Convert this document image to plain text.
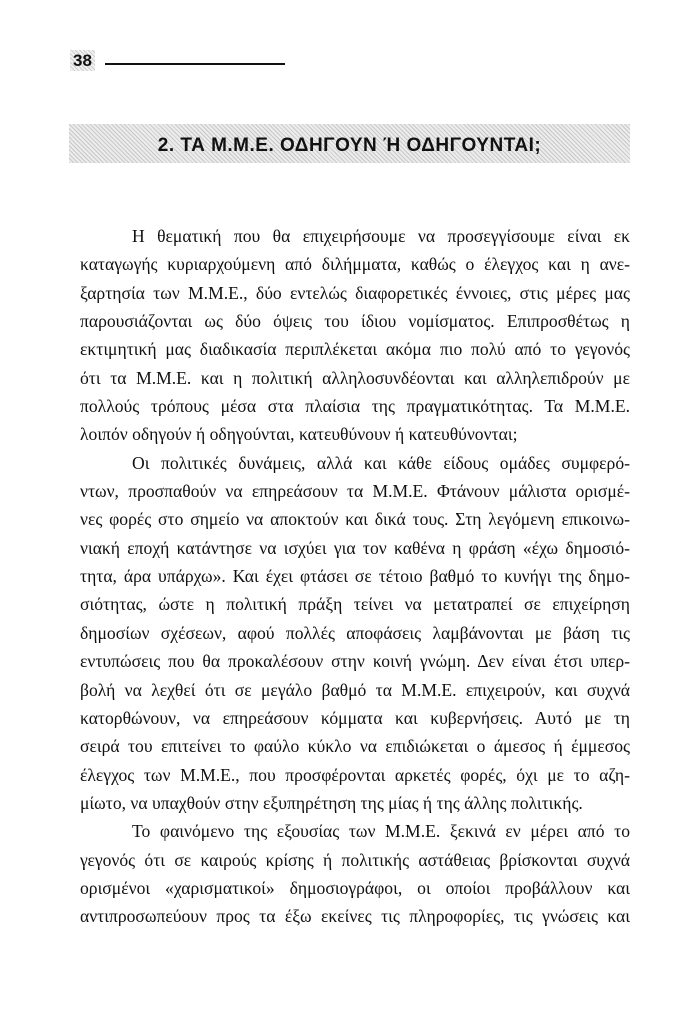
38
2. ΤΑ Μ.Μ.Ε. ΟΔΗΓΟΥΝ Ή ΟΔΗΓΟΥΝΤΑΙ;
Η θεματική που θα επιχειρήσουμε να προσεγγίσουμε είναι εκ
καταγωγής κυριαρχούμενη από διλήμματα, καθώς ο έλεγχος και η ανε-
ξαρτησία των Μ.Μ.Ε., δύο εντελώς διαφορετικές έννοιες, στις μέρες μας
παρουσιάζονται ως δύο όψεις του ίδιου νομίσματος. Επιπροσθέτως η
εκτιμητική μας διαδικασία περιπλέκεται ακόμα πιο πολύ από το γεγονός
ότι τα Μ.Μ.Ε. και η πολιτική αλληλοσυνδέονται και αλληλεπιδρούν με
πολλούς τρόπους μέσα στα πλαίσια της πραγματικότητας. Τα Μ.Μ.Ε.
λοιπόν οδηγούν ή οδηγούνται, κατευθύνουν ή κατευθύνονται;
Οι πολιτικές δυνάμεις, αλλά και κάθε είδους ομάδες συμφερό-
ντων, προσπαθούν να επηρεάσουν τα Μ.Μ.Ε. Φτάνουν μάλιστα ορισμέ-
νες φορές στο σημείο να αποκτούν και δικά τους. Στη λεγόμενη επικοινω-
νιακή εποχή κατάντησε να ισχύει για τον καθένα η φράση «έχω δημοσιό-
τητα, άρα υπάρχω». Και έχει φτάσει σε τέτοιο βαθμό το κυνήγι της δημο-
σιότητας, ώστε η πολιτική πράξη τείνει να μετατραπεί σε επιχείρηση
δημοσίων σχέσεων, αφού πολλές αποφάσεις λαμβάνονται με βάση τις
εντυπώσεις που θα προκαλέσουν στην κοινή γνώμη. Δεν είναι έτσι υπερ-
βολή να λεχθεί ότι σε μεγάλο βαθμό τα Μ.Μ.Ε. επιχειρούν, και συχνά
κατορθώνουν, να επηρεάσουν κόμματα και κυβερνήσεις. Αυτό με τη
σειρά του επιτείνει το φαύλο κύκλο να επιδιώκεται ο άμεσος ή έμμεσος
έλεγχος των Μ.Μ.Ε., που προσφέρονται αρκετές φορές, όχι με το αζη-
μίωτο, να υπαχθούν στην εξυπηρέτηση της μίας ή της άλλης πολιτικής.
Το φαινόμενο της εξουσίας των Μ.Μ.Ε. ξεκινά εν μέρει από το
γεγονός ότι σε καιρούς κρίσης ή πολιτικής αστάθειας βρίσκονται συχνά
ορισμένοι «χαρισματικοί» δημοσιογράφοι, οι οποίοι προβάλλουν και
αντιπροσωπεύουν προς τα έξω εκείνες τις πληροφορίες, τις γνώσεις και
